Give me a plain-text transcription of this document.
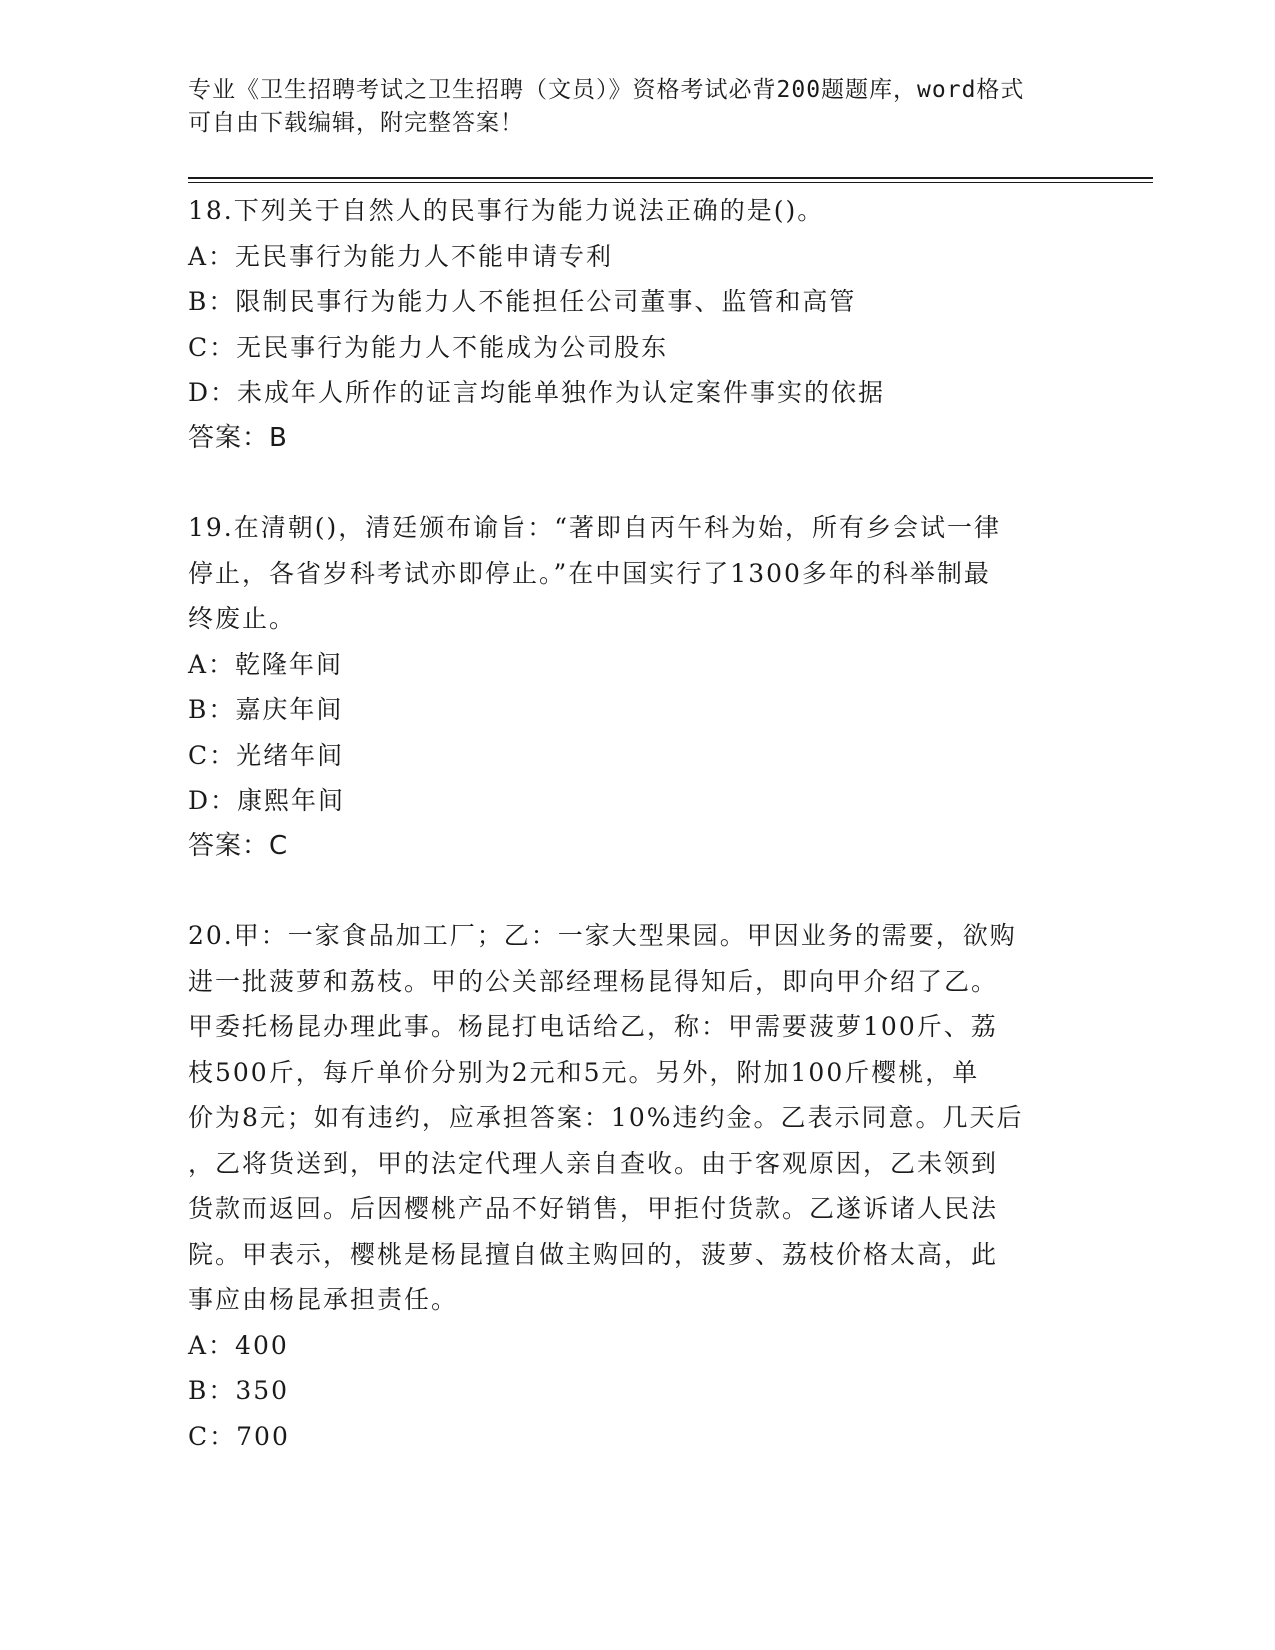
专业《卫生招聘考试之卫生招聘（文员）》资格考试必背200题题库，word格式
可自由下载编辑，附完整答案！

18.下列关于自然人的民事行为能力说法正确的是()。

A：无民事行为能力人不能申请专利

B：限制民事行为能力人不能担任公司董事、监管和高管

C：无民事行为能力人不能成为公司股东

D：未成年人所作的证言均能单独作为认定案件事实的依据

答案：B

19.在清朝()，清廷颁布谕旨：“著即自丙午科为始，所有乡会试一律

停止，各省岁科考试亦即停止。”在中国实行了1300多年的科举制最

终废止。

A：乾隆年间

B：嘉庆年间

C：光绪年间

D：康熙年间

答案：C

20.甲：一家食品加工厂；乙：一家大型果园。甲因业务的需要，欲购

进一批菠萝和荔枝。甲的公关部经理杨昆得知后，即向甲介绍了乙。

甲委托杨昆办理此事。杨昆打电话给乙，称：甲需要菠萝100斤、荔

枝500斤，每斤单价分别为2元和5元。另外，附加100斤樱桃，单

价为8元；如有违约，应承担答案：10%违约金。乙表示同意。几天后

，乙将货送到，甲的法定代理人亲自查收。由于客观原因，乙未领到

货款而返回。后因樱桃产品不好销售，甲拒付货款。乙遂诉诸人民法

院。甲表示，樱桃是杨昆擅自做主购回的，菠萝、荔枝价格太高，此

事应由杨昆承担责任。

A：400

B：350

C：700
